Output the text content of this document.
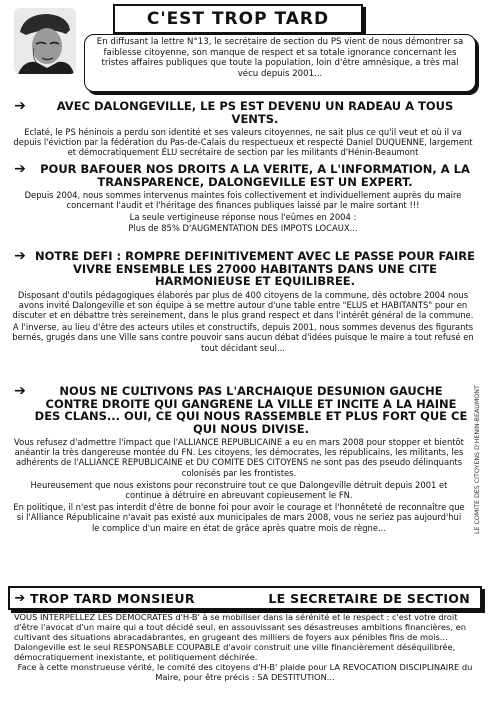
C'EST TROP TARD
En diffusant la lettre N°13, le secrétaire de section du PS vient de nous démontrer sa faiblesse citoyenne, son manque de respect et sa totale ignorance concernant les tristes affaires publiques que toute la population, loin d'être amnésique, a très mal vécu depuis 2001...
➔	AVEC DALONGEVILLE, LE PS EST DEVENU UN RADEAU A TOUS VENTS.

Eclaté, le PS héninois a perdu son identité et ses valeurs citoyennes, ne sait plus ce qu'il veut et où il va depuis l'éviction par la fédération du Pas-de-Calais du respectueux et respecté Daniel DUQUENNE, largement et démocratiquement ÉLU secrétaire de section par les militants d'Hénin-Beaumont

➔	POUR BAFOUER NOS DROITS A LA VERITE, A L'INFORMATION, A LA TRANSPARENCE, DALONGEVILLE EST UN EXPERT.

Depuis 2004, nous sommes intervenus maintes fois collectivement et individuellement auprès du maire concernant l'audit et l'héritage des finances publiques laissé par le maire sortant !!!

La seule vertigineuse réponse nous l'eûmes en 2004 :

Plus de 85% D'AUGMENTATION DES IMPOTS LOCAUX...

➔ NOTRE DEFI : ROMPRE DEFINITIVEMENT AVEC LE PASSE POUR FAIRE VIVRE ENSEMBLE LES 27000 HABITANTS DANS UNE CITE HARMONIEUSE ET EQUILIBREE.

Disposant d'outils pédagogiques élaborés par plus de 400 citoyens de la commune, dès octobre 2004 nous avons invité Dalongeville et son équipe à se mettre autour d'une table entre "ELUS et HABITANTS" pour en discuter et en débattre très sereinement, dans le plus grand respect et dans l'intérêt général de la commune.

A l'inverse, au lieu d'être des acteurs utiles et constructifs, depuis 2001, nous sommes devenus des figurants bernés, grugés dans une Ville sans contre pouvoir sans aucun débat d'idées puisque le maire a tout refusé en tout décidant seul...

➔	NOUS NE CULTIVONS PAS L'ARCHAIQUE DESUNION GAUCHE CONTRE DROITE QUI GANGRENE LA VILLE ET INCITE A LA HAINE DES CLANS... OUI, CE QUI NOUS RASSEMBLE ET PLUS FORT QUE CE QUI NOUS DIVISE.

Vous refusez d'admettre l'impact que l'ALLIANCE REPUBLICAINE a eu en mars 2008 pour stopper et bientôt anéantir la très dangereuse montée du FN. Les citoyens, les démocrates, les républicains, les militants, les adhérents de l'ALLIANCE REPUBLICAINE et DU COMITE DES CITOYENS ne sont pas des pseudo délinquants colonisés par les frontistes.

Heureusement que nous existons pour reconstruire tout ce que Dalongeville détruit depuis 2001 et continue à détruire en abreuvant copieusement le FN.

En politique, il n'est pas interdit d'être de bonne foi pour avoir le courage et l'honnêteté de reconnaître que si l'Alliance Républicaine n'avait pas existé aux municipales de mars 2008, vous ne seriez pas aujourd'hui le complice d'un maire en état de grâce après quatre mois de règne...

➔ TROP TARD MONSIEUR	LE SECRETAIRE DE SECTION

VOUS INTERPELLEZ LES DEMOCRATES d'H-B' à se mobiliser dans la sérénité et le respect : c'est votre droit d'être l'avocat d'un maire qui a tout décidé seul, en assouvissant ses désastreuses ambitions financières, en cultivant des situations abracadabrantes, en grugeant des milliers de foyers aux pénibles fins de mois...

Dalongeville est le seul RESPONSABLE COUPABLE d'avoir construit une ville financièrement déséquilibrée, démocratiquement inexistante, et politiquement déchirée.

Face à cette monstrueuse vérité, le comité des citoyens d'H-B' plaide pour LA REVOCATION DISCIPLINAIRE du Maire, pour être précis : SA DESTITUTION...

LE COMITE DES CITOYENS D'HENIN-BEAUMONT
